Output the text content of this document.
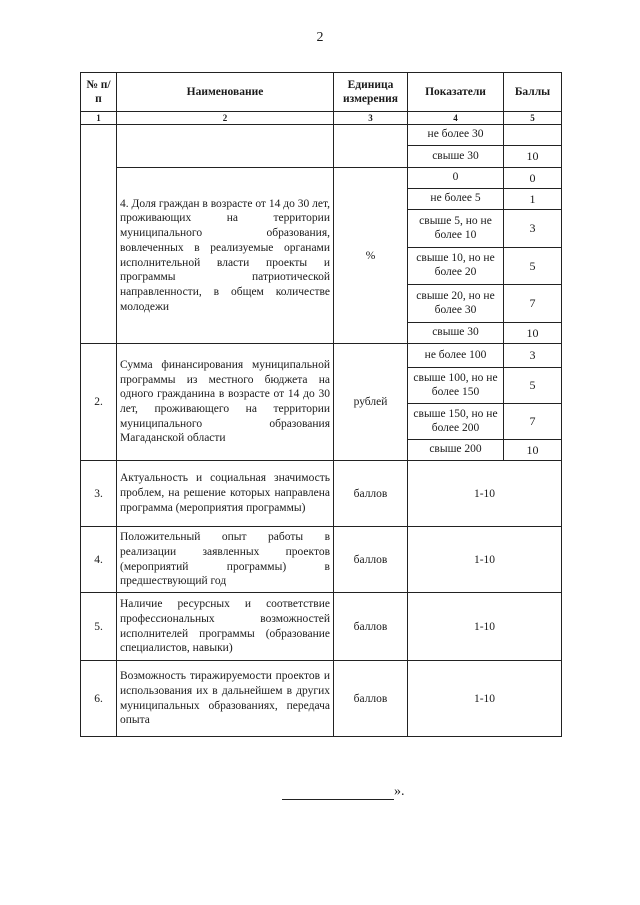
2
№ п/п	Наименование	Единица измерения	Показатели	Баллы
1	2	3	4	5
			не более 30	
			свыше 30	10
	4. Доля граждан в возрасте от 14 до 30 лет, проживающих на территории муниципального образования, вовлеченных в реализуемые органами исполнительной власти проекты и программы патриотической направленности, в общем количестве молодежи	%	0	0
			не более 5	1
			свыше 5, но не более 10	3
			свыше 10, но не более 20	5
			свыше 20, но не более 30	7
			свыше 30	10
2.	Сумма финансирования муниципальной программы из местного бюджета на одного гражданина в возрасте от 14 до 30 лет, проживающего на территории муниципального образования Магаданской области	рублей	не более 100	3
			свыше 100, но не более 150	5
			свыше 150, но не более 200	7
			свыше 200	10
3.	Актуальность и социальная значимость проблем, на решение которых направлена программа (мероприятия программы)	баллов	1-10	
4.	Положительный опыт работы в реализации заявленных проектов (мероприятий программы) в предшествующий год	баллов	1-10	
5.	Наличие ресурсных и соответствие профессиональных возможностей исполнителей программы (образование специалистов, навыки)	баллов	1-10	
6.	Возможность тиражируемости проектов и использования их в дальнейшем в других муниципальных образованиях, передача опыта	баллов	1-10	
».
